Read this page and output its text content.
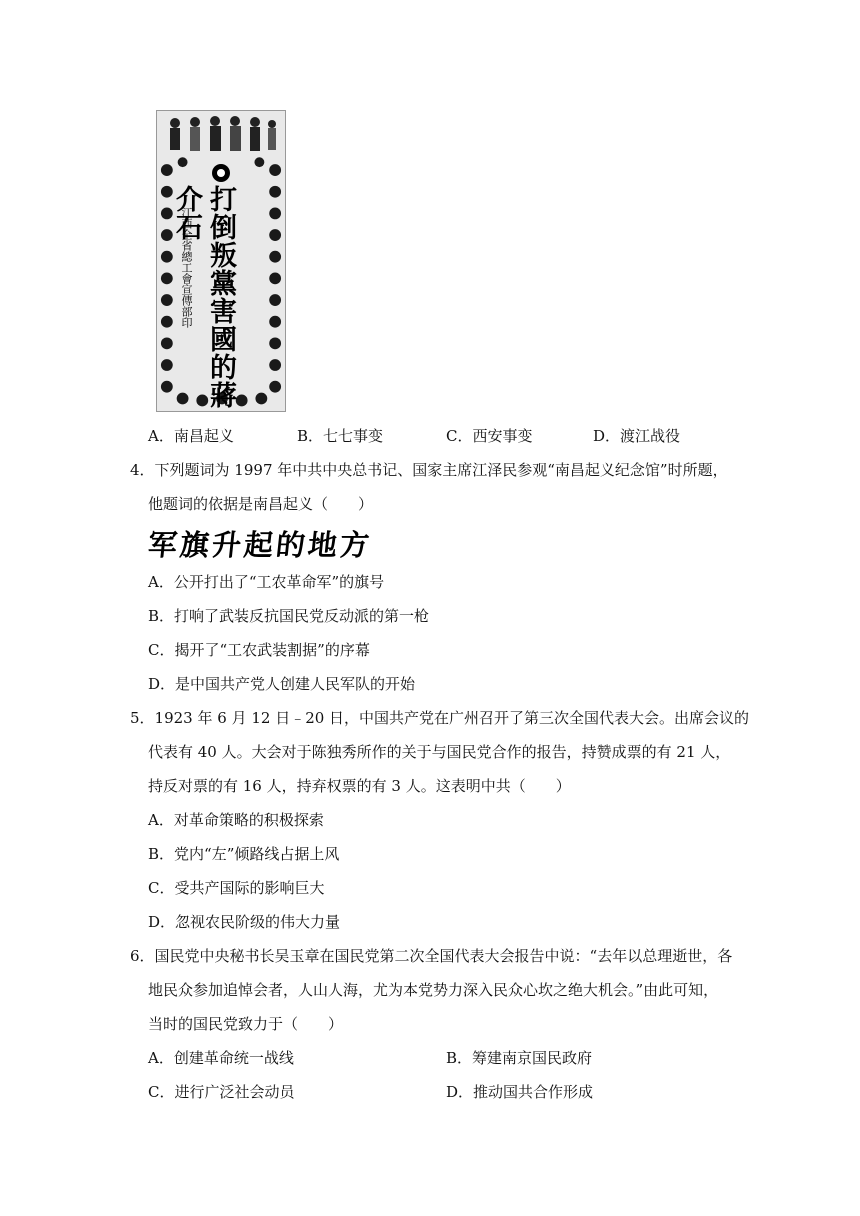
打倒叛黨害國的蔣介石
江西全省總工會宣傳部印
A．南昌起义	B．七七事变	C．西安事变	D．渡江战役
4．下列题词为 1997 年中共中央总书记、国家主席江泽民参观“南昌起义纪念馆”时所题，
他题词的依据是南昌起义（　　）
军旗升起的地方
A．公开打出了“工农革命军”的旗号
B．打响了武装反抗国民党反动派的第一枪
C．揭开了“工农武装割据”的序幕
D．是中国共产党人创建人民军队的开始
5．1923 年 6 月 12 日﹣20 日，中国共产党在广州召开了第三次全国代表大会。出席会议的
代表有 40 人。大会对于陈独秀所作的关于与国民党合作的报告，持赞成票的有 21 人，
持反对票的有 16 人，持弃权票的有 3 人。这表明中共（　　）
A．对革命策略的积极探索
B．党内“左”倾路线占据上风
C．受共产国际的影响巨大
D．忽视农民阶级的伟大力量
6．国民党中央秘书长吴玉章在国民党第二次全国代表大会报告中说：“去年以总理逝世，各
地民众参加追悼会者，人山人海，尤为本党势力深入民众心坎之绝大机会。”由此可知，
当时的国民党致力于（　　）
A．创建革命统一战线	B．筹建南京国民政府
C．进行广泛社会动员	D．推动国共合作形成
